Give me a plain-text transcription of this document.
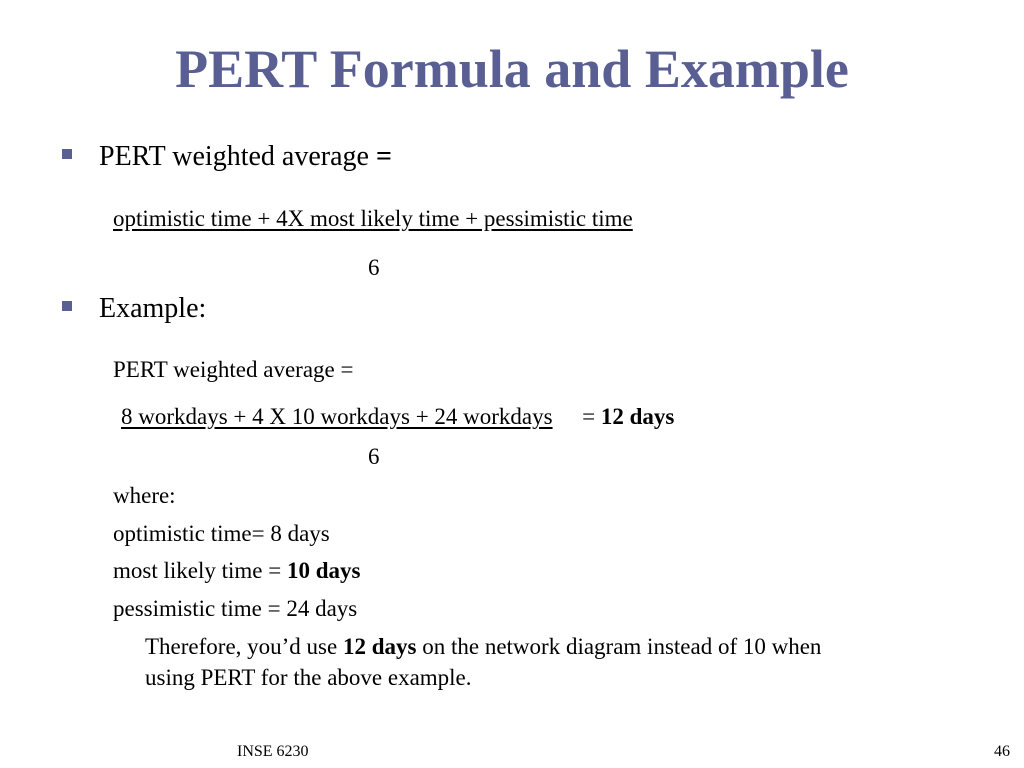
PERT Formula and Example
PERT weighted average =
optimistic time + 4X most likely time + pessimistic time
6
Example:
PERT weighted average =
8 workdays + 4 X 10 workdays + 24 workdays = 12 days
6
where:
optimistic time= 8 days
most likely time = 10 days
pessimistic time = 24 days
Therefore, you’d use 12 days on the network diagram instead of 10 when
using PERT for the above example.
INSE 6230	46
